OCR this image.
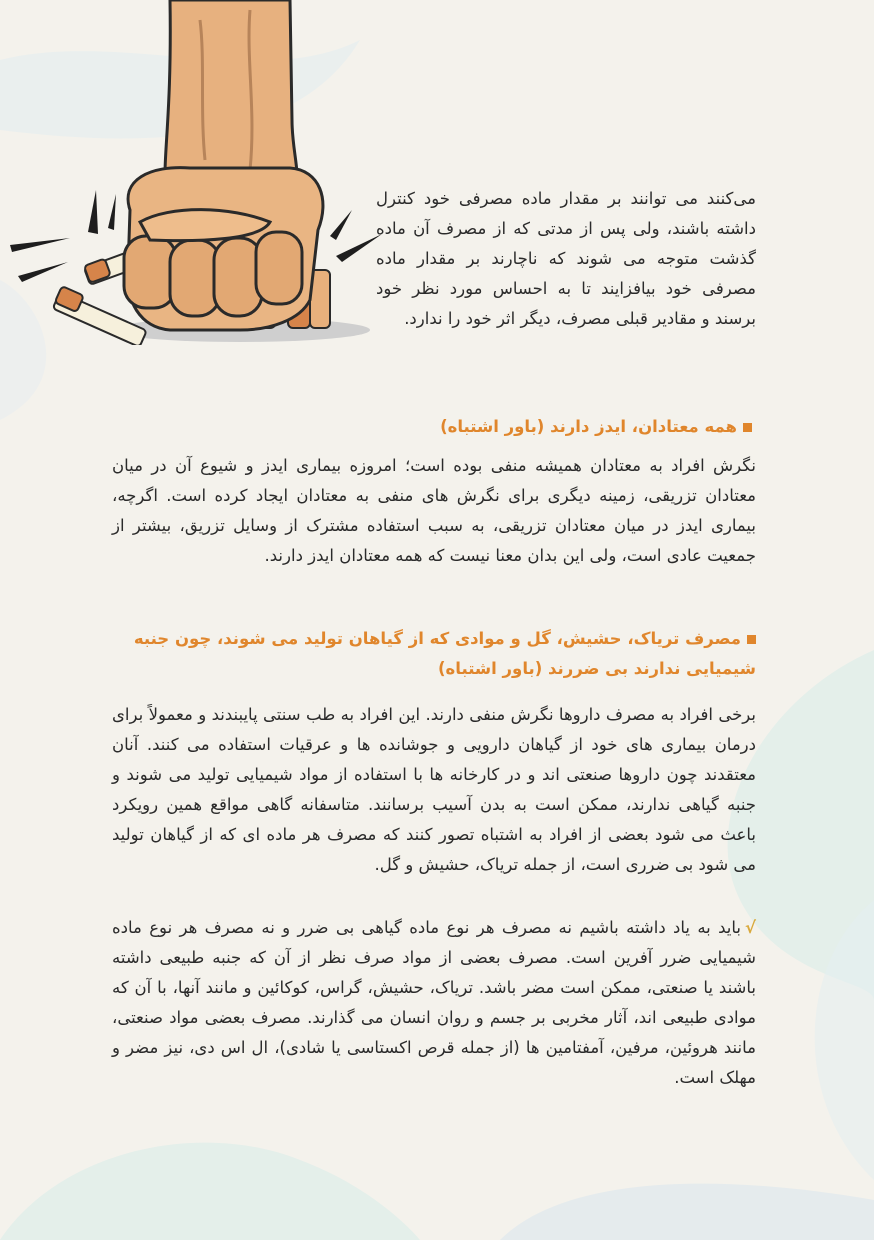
می‌کنند می توانند بر مقدار ماده مصرفی خود کنترل داشته باشند، ولی پس از مدتی که از مصرف آن ماده گذشت متوجه می شوند که ناچارند بر مقدار ماده مصرفی خود بیافزایند تا به احساس مورد نظر خود برسند و مقادیر قبلی مصرف، دیگر اثر خود را ندارد.

همه معتادان، ایدز دارند (باور اشتباه)

نگرش افراد به معتادان همیشه منفی بوده است؛ امروزه بیماری ایدز و شیوع آن در میان معتادان تزریقی، زمینه دیگری برای نگرش های منفی به معتادان ایجاد کرده است. اگرچه، بیماری ایدز در میان معتادان تزریقی، به سبب استفاده مشترک از وسایل تزریق، بیشتر از جمعیت عادی است، ولی این بدان معنا نیست که همه معتادان ایدز دارند.

مصرف تریاک، حشیش، گل و موادی که از گیاهان تولید می شوند، چون جنبه شیمیایی ندارند بی ضررند (باور اشتباه)

برخی افراد به مصرف داروها نگرش منفی دارند. این افراد به طب سنتی پایبندند و معمولاً برای درمان بیماری های خود از گیاهان دارویی و جوشانده ها و عرقیات استفاده می کنند. آنان معتقدند چون داروها صنعتی اند و در کارخانه ها با استفاده از مواد شیمیایی تولید می شوند و جنبه گیاهی ندارند، ممکن است به بدن آسیب برسانند. متاسفانه گاهی مواقع همین رویکرد باعث می شود بعضی از افراد به اشتباه تصور کنند که مصرف هر ماده ای که از گیاهان تولید می شود بی ضرری است، از جمله تریاک، حشیش و گل.

√باید به یاد داشته باشیم نه مصرف هر نوع ماده گیاهی بی ضرر و نه مصرف هر نوع ماده شیمیایی ضرر آفرین است. مصرف بعضی از مواد صرف نظر از آن که جنبه طبیعی داشته باشند یا صنعتی، ممکن است مضر باشد. تریاک، حشیش، گراس، کوکائین و مانند آنها، با آن که موادی طبیعی اند، آثار مخربی بر جسم و روان انسان می گذارند. مصرف بعضی مواد صنعتی، مانند هروئین، مرفین، آمفتامین ها (از جمله قرص اکستاسی یا شادی)، ال اس دی، نیز مضر و مهلک است.
